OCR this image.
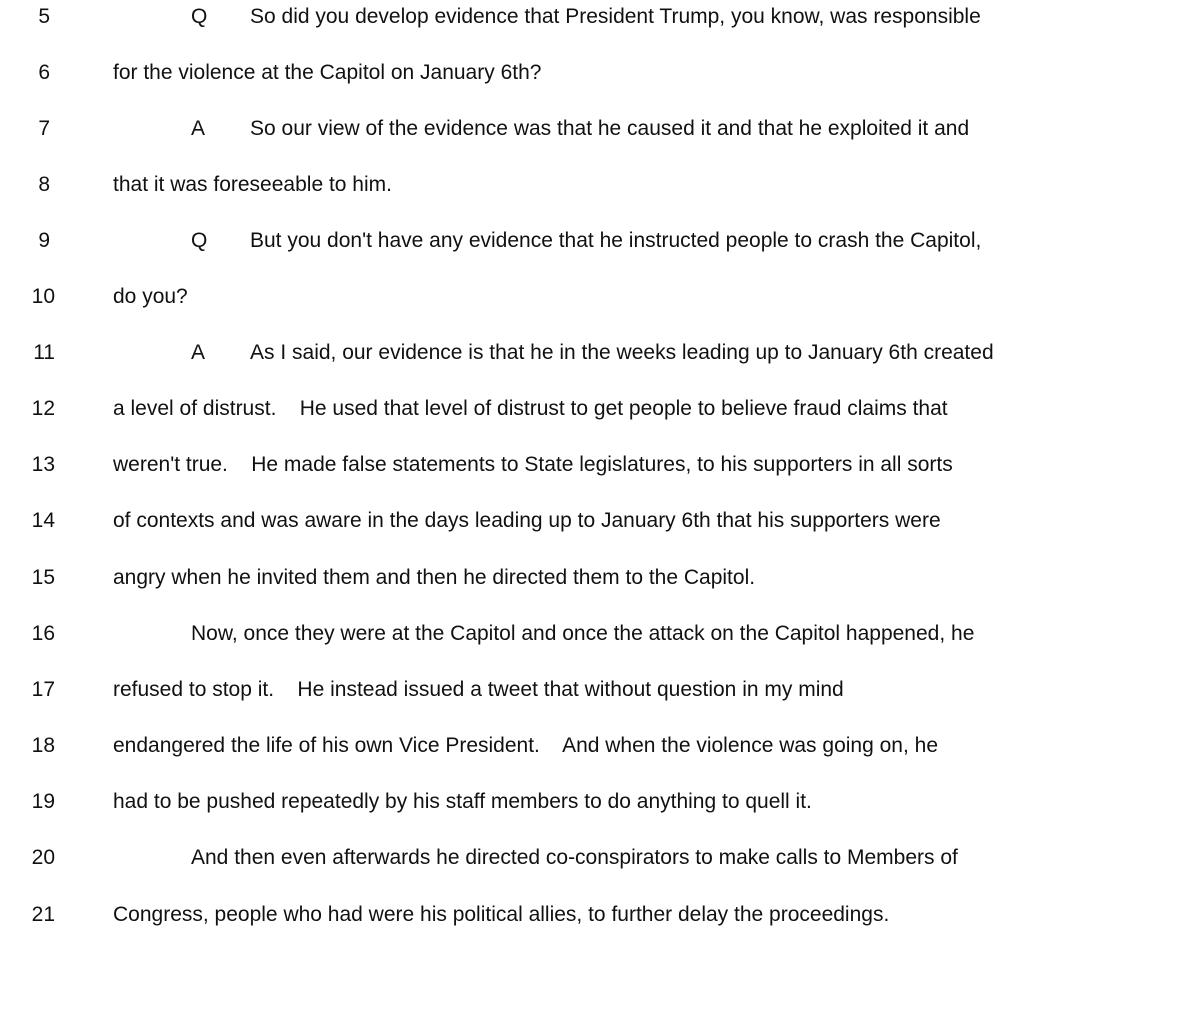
5

	Q

So did you develop evidence that President Trump, you know, was responsible

6

	for the violence at the Capitol on January 6th?

7

	A

So our view of the evidence was that he caused it and that he exploited it and

8

	that it was foreseeable to him.

9

	Q

But you don't have any evidence that he instructed people to crash the Capitol,

10

	do you?

11

	A

As I said, our evidence is that he in the weeks leading up to January 6th created

12

	a level of distrust.    He used that level of distrust to get people to believe fraud claims that

13

	weren't true.    He made false statements to State legislatures, to his supporters in all sorts

14

	of contexts and was aware in the days leading up to January 6th that his supporters were

15

	angry when he invited them and then he directed them to the Capitol.

16

	Now, once they were at the Capitol and once the attack on the Capitol happened, he

17

	refused to stop it.    He instead issued a tweet that without question in my mind

18

	endangered the life of his own Vice President.    And when the violence was going on, he

19

	had to be pushed repeatedly by his staff members to do anything to quell it.

20

	And then even afterwards he directed co-conspirators to make calls to Members of

21

	Congress, people who had were his political allies, to further delay the proceedings.
